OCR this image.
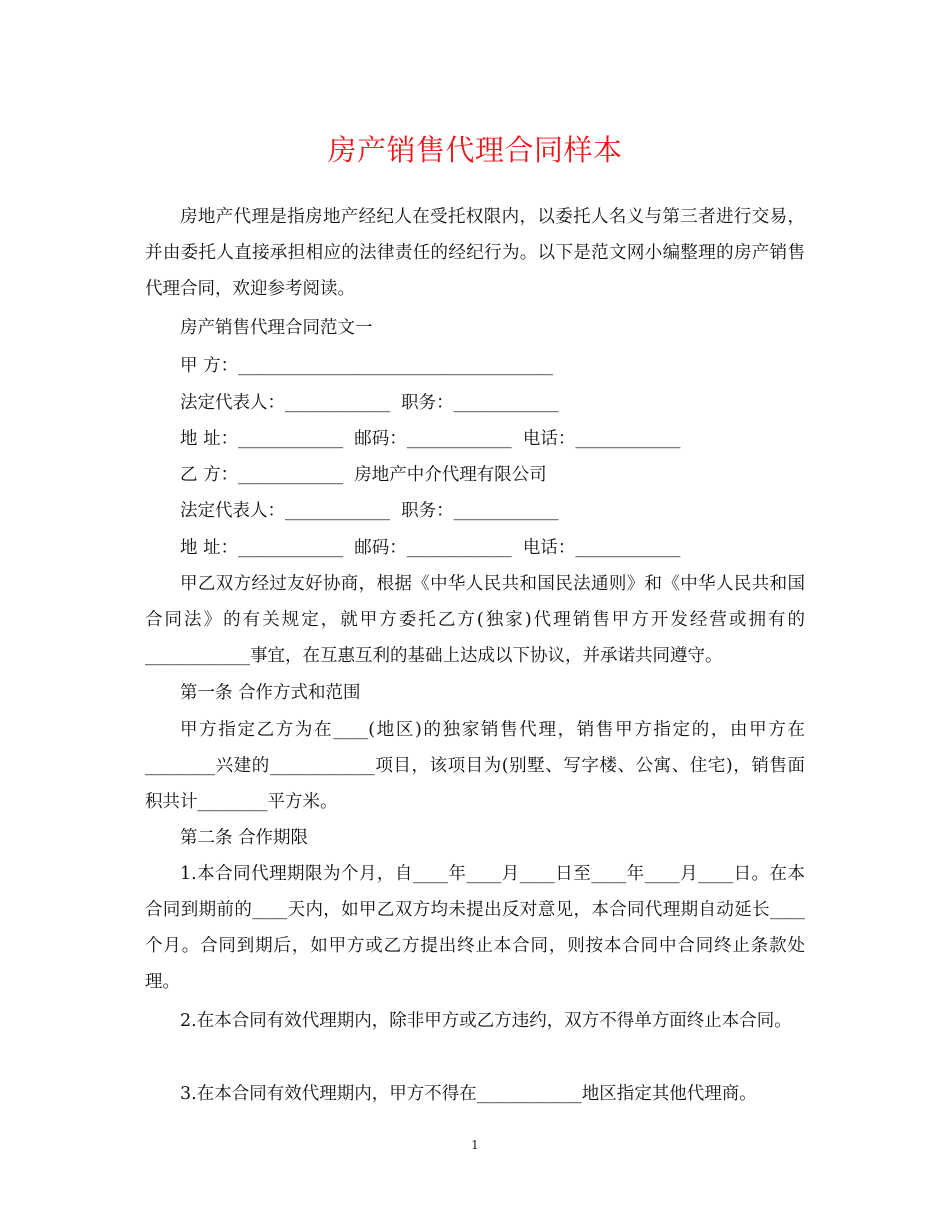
房产销售代理合同样本
房地产代理是指房地产经纪人在受托权限内，以委托人名义与第三者进行交易，并由委托人直接承担相应的法律责任的经纪行为。以下是范文网小编整理的房产销售代理合同，欢迎参考阅读。
房产销售代理合同范文一
甲 方：____________________________________
法定代表人：____________  职务：____________
地 址：____________  邮码：____________  电话：____________
乙 方：____________  房地产中介代理有限公司
法定代表人：____________  职务：____________
地 址：____________  邮码：____________  电话：____________
甲乙双方经过友好协商，根据《中华人民共和国民法通则》和《中华人民共和国合同法》的有关规定，就甲方委托乙方(独家)代理销售甲方开发经营或拥有的____________事宜，在互惠互利的基础上达成以下协议，并承诺共同遵守。
第一条 合作方式和范围
甲方指定乙方为在____(地区)的独家销售代理，销售甲方指定的，由甲方在________兴建的____________项目，该项目为(别墅、写字楼、公寓、住宅)，销售面积共计________平方米。
第二条 合作期限
1.本合同代理期限为个月，自____年____月____日至____年____月____日。在本合同到期前的____天内，如甲乙双方均未提出反对意见，本合同代理期自动延长____个月。合同到期后，如甲方或乙方提出终止本合同，则按本合同中合同终止条款处理。
2.在本合同有效代理期内，除非甲方或乙方违约，双方不得单方面终止本合同。
3.在本合同有效代理期内，甲方不得在____________地区指定其他代理商。
1
